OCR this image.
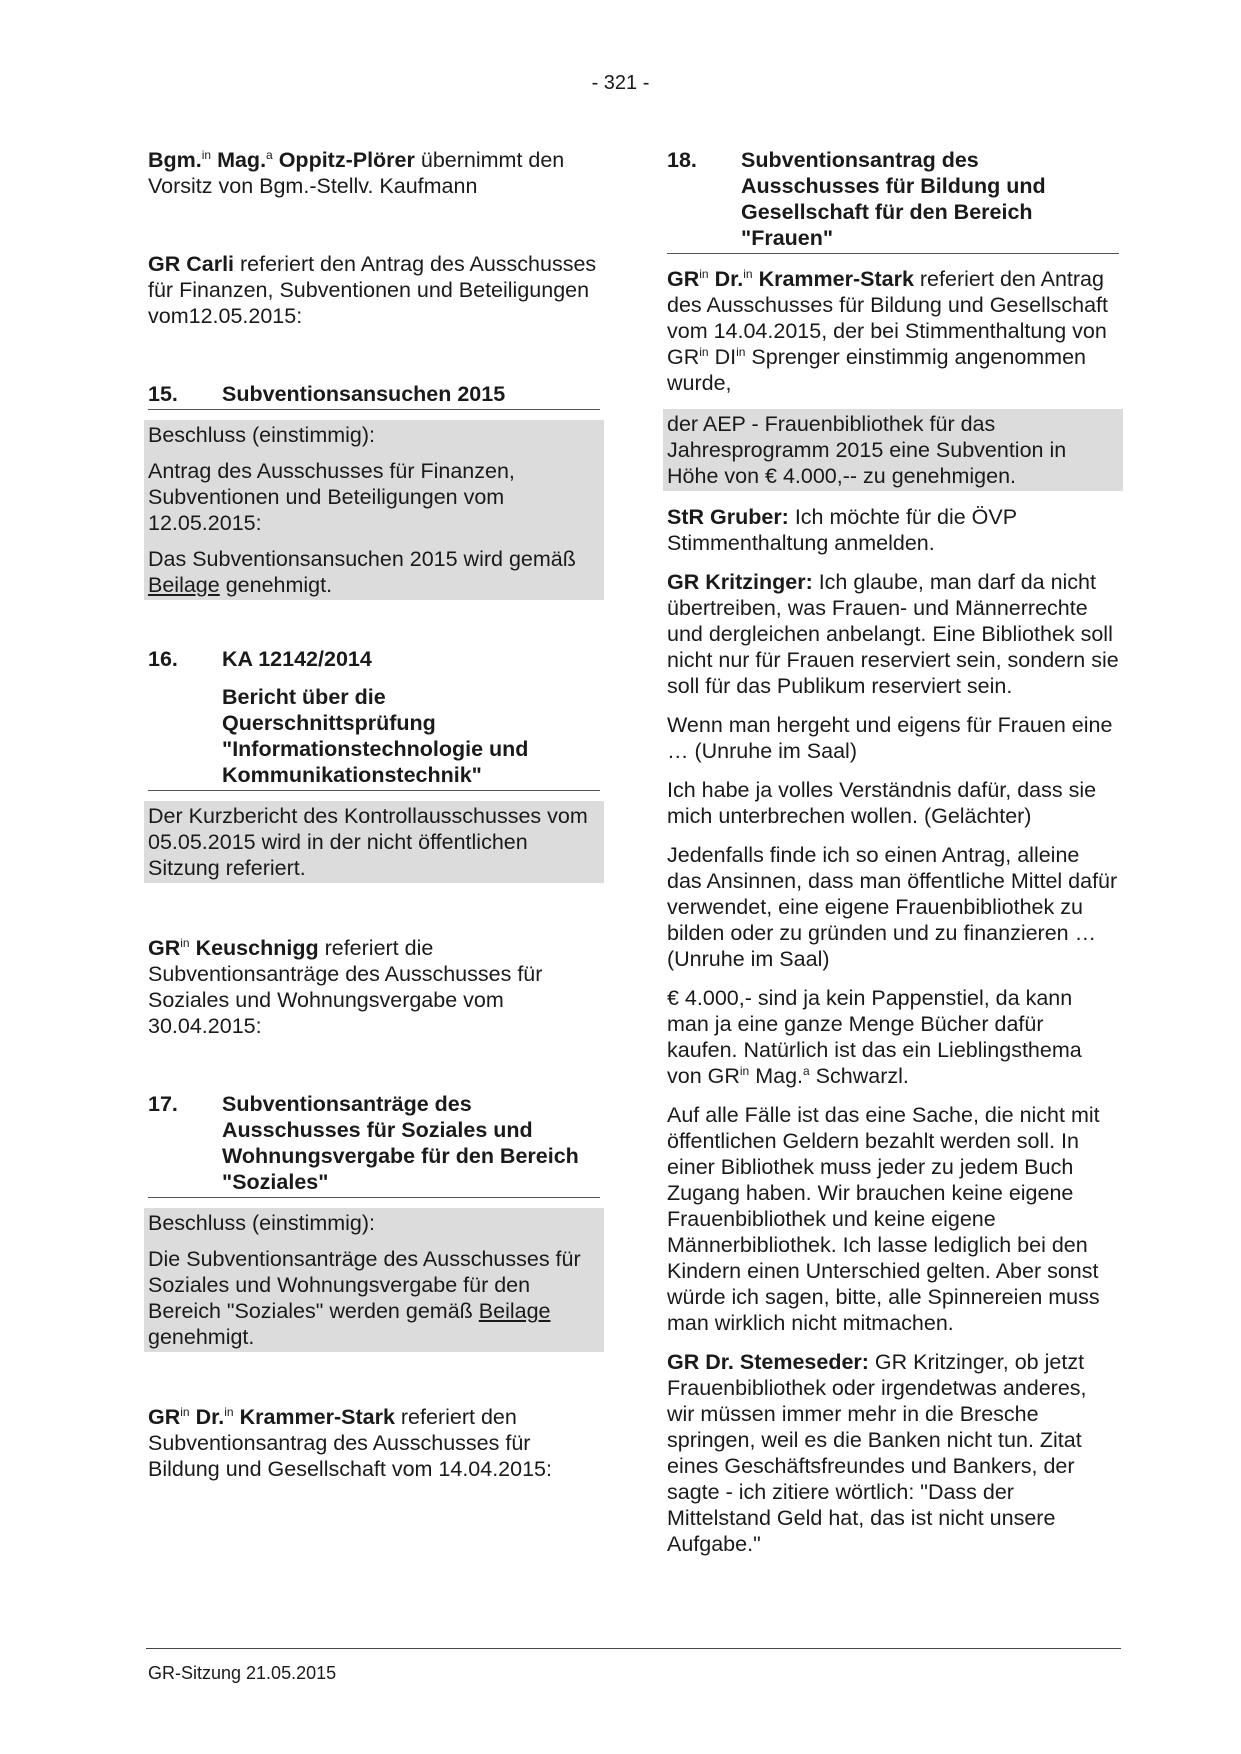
- 321 -

Bgm.$^{in}$ Mag.$^a$ Oppitz-Plörer übernimmt den Vorsitz von Bgm.-Stellv. Kaufmann

GR Carli referiert den Antrag des Ausschusses für Finanzen, Subventionen und Beteiligungen vom12.05.2015:

15.	Subventionsansuchen 2015

Beschluss (einstimmig):

Antrag des Ausschusses für Finanzen, Subventionen und Beteiligungen vom 12.05.2015:

Das Subventionsansuchen 2015 wird gemäß Beilage genehmigt.

16.	KA 12142/2014
Bericht über die Querschnittsprüfung "Informationstechnologie und Kommunikationstechnik"

Der Kurzbericht des Kontrollausschusses vom 05.05.2015 wird in der nicht öffentlichen Sitzung referiert.

$GR^{in}$ Keuschnigg referiert die Subventionsanträge des Ausschusses für Soziales und Wohnungsvergabe vom 30.04.2015:

17.	Subventionsanträge des Ausschusses für Soziales und Wohnungsvergabe für den Bereich "Soziales"

Beschluss (einstimmig):

Die Subventionsanträge des Ausschusses für Soziales und Wohnungsvergabe für den Bereich "Soziales" werden gemäß Beilage genehmigt.

$GR^{in}$ Dr.$^{in}$ Krammer-Stark referiert den Subventionsantrag des Ausschusses für Bildung und Gesellschaft vom 14.04.2015:

18.	Subventionsantrag des Ausschusses für Bildung und Gesellschaft für den Bereich "Frauen"

$GR^{in}$ Dr.$^{in}$ Krammer-Stark referiert den Antrag des Ausschusses für Bildung und Gesellschaft vom 14.04.2015, der bei Stimmenthaltung von $GR^{in}$ $DI^{in}$ Sprenger einstimmig angenommen wurde,

der AEP - Frauenbibliothek für das Jahresprogramm 2015 eine Subvention in Höhe von € 4.000,-- zu genehmigen.

StR Gruber: Ich möchte für die ÖVP Stimmenthaltung anmelden.

GR Kritzinger: Ich glaube, man darf da nicht übertreiben, was Frauen- und Männerrechte und dergleichen anbelangt. Eine Bibliothek soll nicht nur für Frauen reserviert sein, sondern sie soll für das Publikum reserviert sein.

Wenn man hergeht und eigens für Frauen eine … (Unruhe im Saal)

Ich habe ja volles Verständnis dafür, dass sie mich unterbrechen wollen. (Gelächter)

Jedenfalls finde ich so einen Antrag, alleine das Ansinnen, dass man öffentliche Mittel dafür verwendet, eine eigene Frauenbibliothek zu bilden oder zu gründen und zu finanzieren … (Unruhe im Saal)

€ 4.000,- sind ja kein Pappenstiel, da kann man ja eine ganze Menge Bücher dafür kaufen. Natürlich ist das ein Lieblingsthema von $GR^{in}$ Mag.$^a$ Schwarzl.

Auf alle Fälle ist das eine Sache, die nicht mit öffentlichen Geldern bezahlt werden soll. In einer Bibliothek muss jeder zu jedem Buch Zugang haben. Wir brauchen keine eigene Frauenbibliothek und keine eigene Männerbibliothek. Ich lasse lediglich bei den Kindern einen Unterschied gelten. Aber sonst würde ich sagen, bitte, alle Spinnereien muss man wirklich nicht mitmachen.

GR Dr. Stemeseder: GR Kritzinger, ob jetzt Frauenbibliothek oder irgendetwas anderes, wir müssen immer mehr in die Bresche springen, weil es die Banken nicht tun. Zitat eines Geschäftsfreundes und Bankers, der sagte - ich zitiere wörtlich: "Dass der Mittelstand Geld hat, das ist nicht unsere Aufgabe."

GR-Sitzung 21.05.2015
